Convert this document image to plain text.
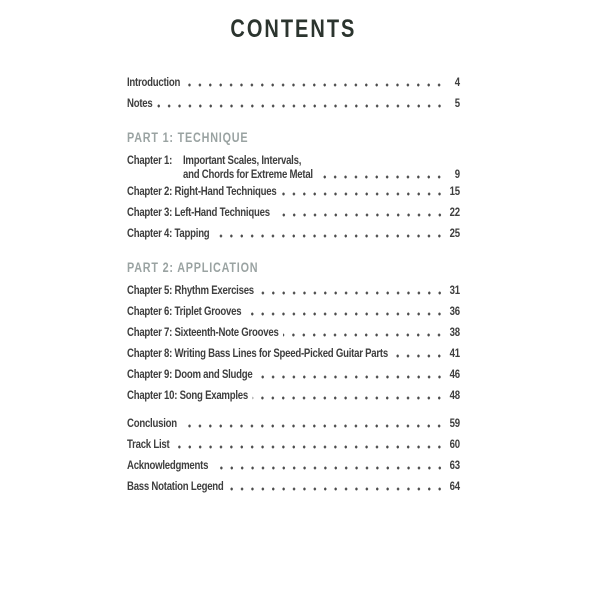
CONTENTS
Introduction	4
Notes	5
PART 1: TECHNIQUE
Chapter 1: Important Scales, Intervals,
and Chords for Extreme Metal	9
Chapter 2: Right-Hand Techniques	15
Chapter 3: Left-Hand Techniques	22
Chapter 4: Tapping	25
PART 2: APPLICATION
Chapter 5: Rhythm Exercises	31
Chapter 6: Triplet Grooves	36
Chapter 7: Sixteenth-Note Grooves	38
Chapter 8: Writing Bass Lines for Speed-Picked Guitar Parts	41
Chapter 9: Doom and Sludge	46
Chapter 10: Song Examples	48
Conclusion	59
Track List	60
Acknowledgments	63
Bass Notation Legend	64
